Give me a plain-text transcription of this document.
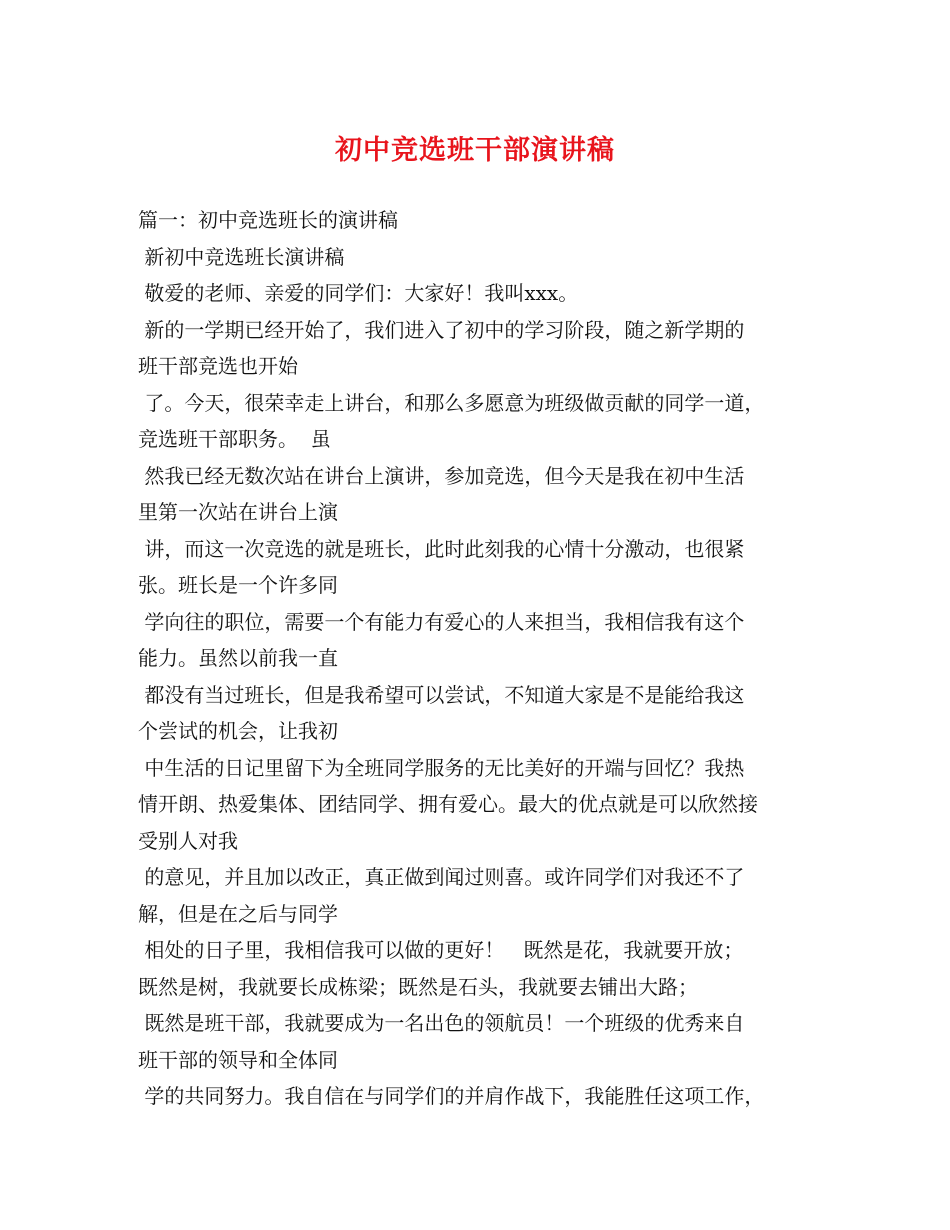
初中竞选班干部演讲稿
篇一：初中竞选班长的演讲稿
新初中竞选班长演讲稿
敬爱的老师、亲爱的同学们：大家好！我叫xxx。
新的一学期已经开始了，我们进入了初中的学习阶段，随之新学期的
班干部竞选也开始
了。今天，很荣幸走上讲台，和那么多愿意为班级做贡献的同学一道，
竞选班干部职务。  虽
然我已经无数次站在讲台上演讲，参加竞选，但今天是我在初中生活
里第一次站在讲台上演
讲，而这一次竞选的就是班长，此时此刻我的心情十分激动，也很紧
张。班长是一个许多同
学向往的职位，需要一个有能力有爱心的人来担当，我相信我有这个
能力。虽然以前我一直
都没有当过班长，但是我希望可以尝试，不知道大家是不是能给我这
个尝试的机会，让我初
中生活的日记里留下为全班同学服务的无比美好的开端与回忆？我热
情开朗、热爱集体、团结同学、拥有爱心。最大的优点就是可以欣然接
受别人对我
的意见，并且加以改正，真正做到闻过则喜。或许同学们对我还不了
解，但是在之后与同学
相处的日子里，我相信我可以做的更好！   既然是花，我就要开放；
既然是树，我就要长成栋梁；既然是石头，我就要去铺出大路；
既然是班干部，我就要成为一名出色的领航员！一个班级的优秀来自
班干部的领导和全体同
学的共同努力。我自信在与同学们的并肩作战下，我能胜任这项工作，
